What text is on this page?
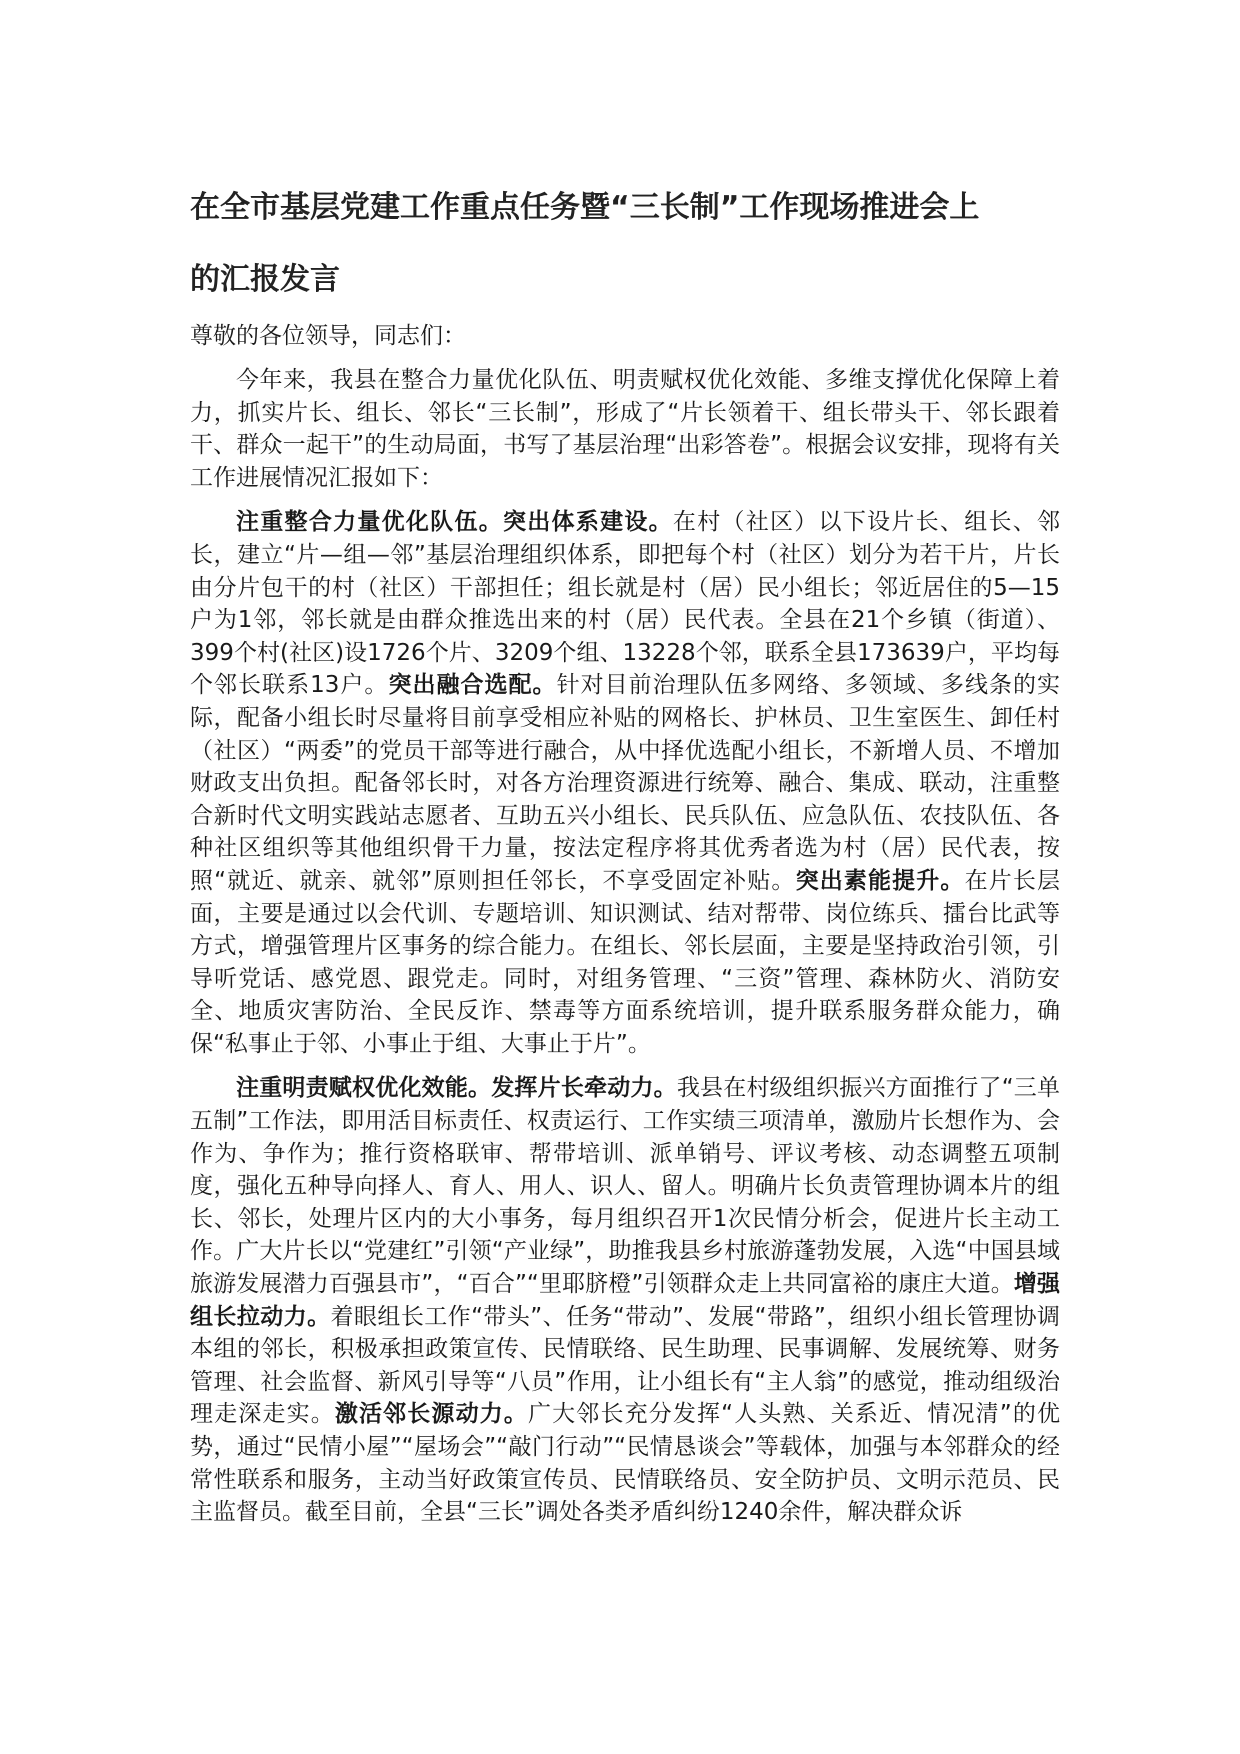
在全市基层党建工作重点任务暨“三长制”工作现场推进会上
的汇报发言

尊敬的各位领导，同志们：

今年来，我县在整合力量优化队伍、明责赋权优化效能、多维支撑优化保障上着力，抓实片长、组长、邻长“三长制”，形成了“片长领着干、组长带头干、邻长跟着干、群众一起干”的生动局面，书写了基层治理“出彩答卷”。根据会议安排，现将有关工作进展情况汇报如下：

注重整合力量优化队伍。突出体系建设。在村（社区）以下设片长、组长、邻长，建立“片—组—邻”基层治理组织体系，即把每个村（社区）划分为若干片，片长由分片包干的村（社区）干部担任；组长就是村（居）民小组长；邻近居住的5—15户为1邻，邻长就是由群众推选出来的村（居）民代表。全县在21个乡镇（街道）、399个村(社区)设1726个片、3209个组、13228个邻，联系全县173639户，平均每个邻长联系13户。突出融合选配。针对目前治理队伍多网络、多领域、多线条的实际，配备小组长时尽量将目前享受相应补贴的网格长、护林员、卫生室医生、卸任村（社区）“两委”的党员干部等进行融合，从中择优选配小组长，不新增人员、不增加财政支出负担。配备邻长时，对各方治理资源进行统筹、融合、集成、联动，注重整合新时代文明实践站志愿者、互助五兴小组长、民兵队伍、应急队伍、农技队伍、各种社区组织等其他组织骨干力量，按法定程序将其优秀者选为村（居）民代表，按照“就近、就亲、就邻”原则担任邻长，不享受固定补贴。突出素能提升。在片长层面，主要是通过以会代训、专题培训、知识测试、结对帮带、岗位练兵、擂台比武等方式，增强管理片区事务的综合能力。在组长、邻长层面，主要是坚持政治引领，引导听党话、感党恩、跟党走。同时，对组务管理、“三资”管理、森林防火、消防安全、地质灾害防治、全民反诈、禁毒等方面系统培训，提升联系服务群众能力，确保“私事止于邻、小事止于组、大事止于片”。

注重明责赋权优化效能。发挥片长牵动力。我县在村级组织振兴方面推行了“三单五制”工作法，即用活目标责任、权责运行、工作实绩三项清单，激励片长想作为、会作为、争作为；推行资格联审、帮带培训、派单销号、评议考核、动态调整五项制度，强化五种导向择人、育人、用人、识人、留人。明确片长负责管理协调本片的组长、邻长，处理片区内的大小事务，每月组织召开1次民情分析会，促进片长主动工作。广大片长以“党建红”引领“产业绿”，助推我县乡村旅游蓬勃发展，入选“中国县域旅游发展潜力百强县市”，“百合”“里耶脐橙”引领群众走上共同富裕的康庄大道。增强组长拉动力。着眼组长工作“带头”、任务“带动”、发展“带路”，组织小组长管理协调本组的邻长，积极承担政策宣传、民情联络、民生助理、民事调解、发展统筹、财务管理、社会监督、新风引导等“八员”作用，让小组长有“主人翁”的感觉，推动组级治理走深走实。激活邻长源动力。广大邻长充分发挥“人头熟、关系近、情况清”的优势，通过“民情小屋”“屋场会”“敲门行动”“民情恳谈会”等载体，加强与本邻群众的经常性联系和服务，主动当好政策宣传员、民情联络员、安全防护员、文明示范员、民主监督员。截至目前，全县“三长”调处各类矛盾纠纷1240余件，解决群众诉
